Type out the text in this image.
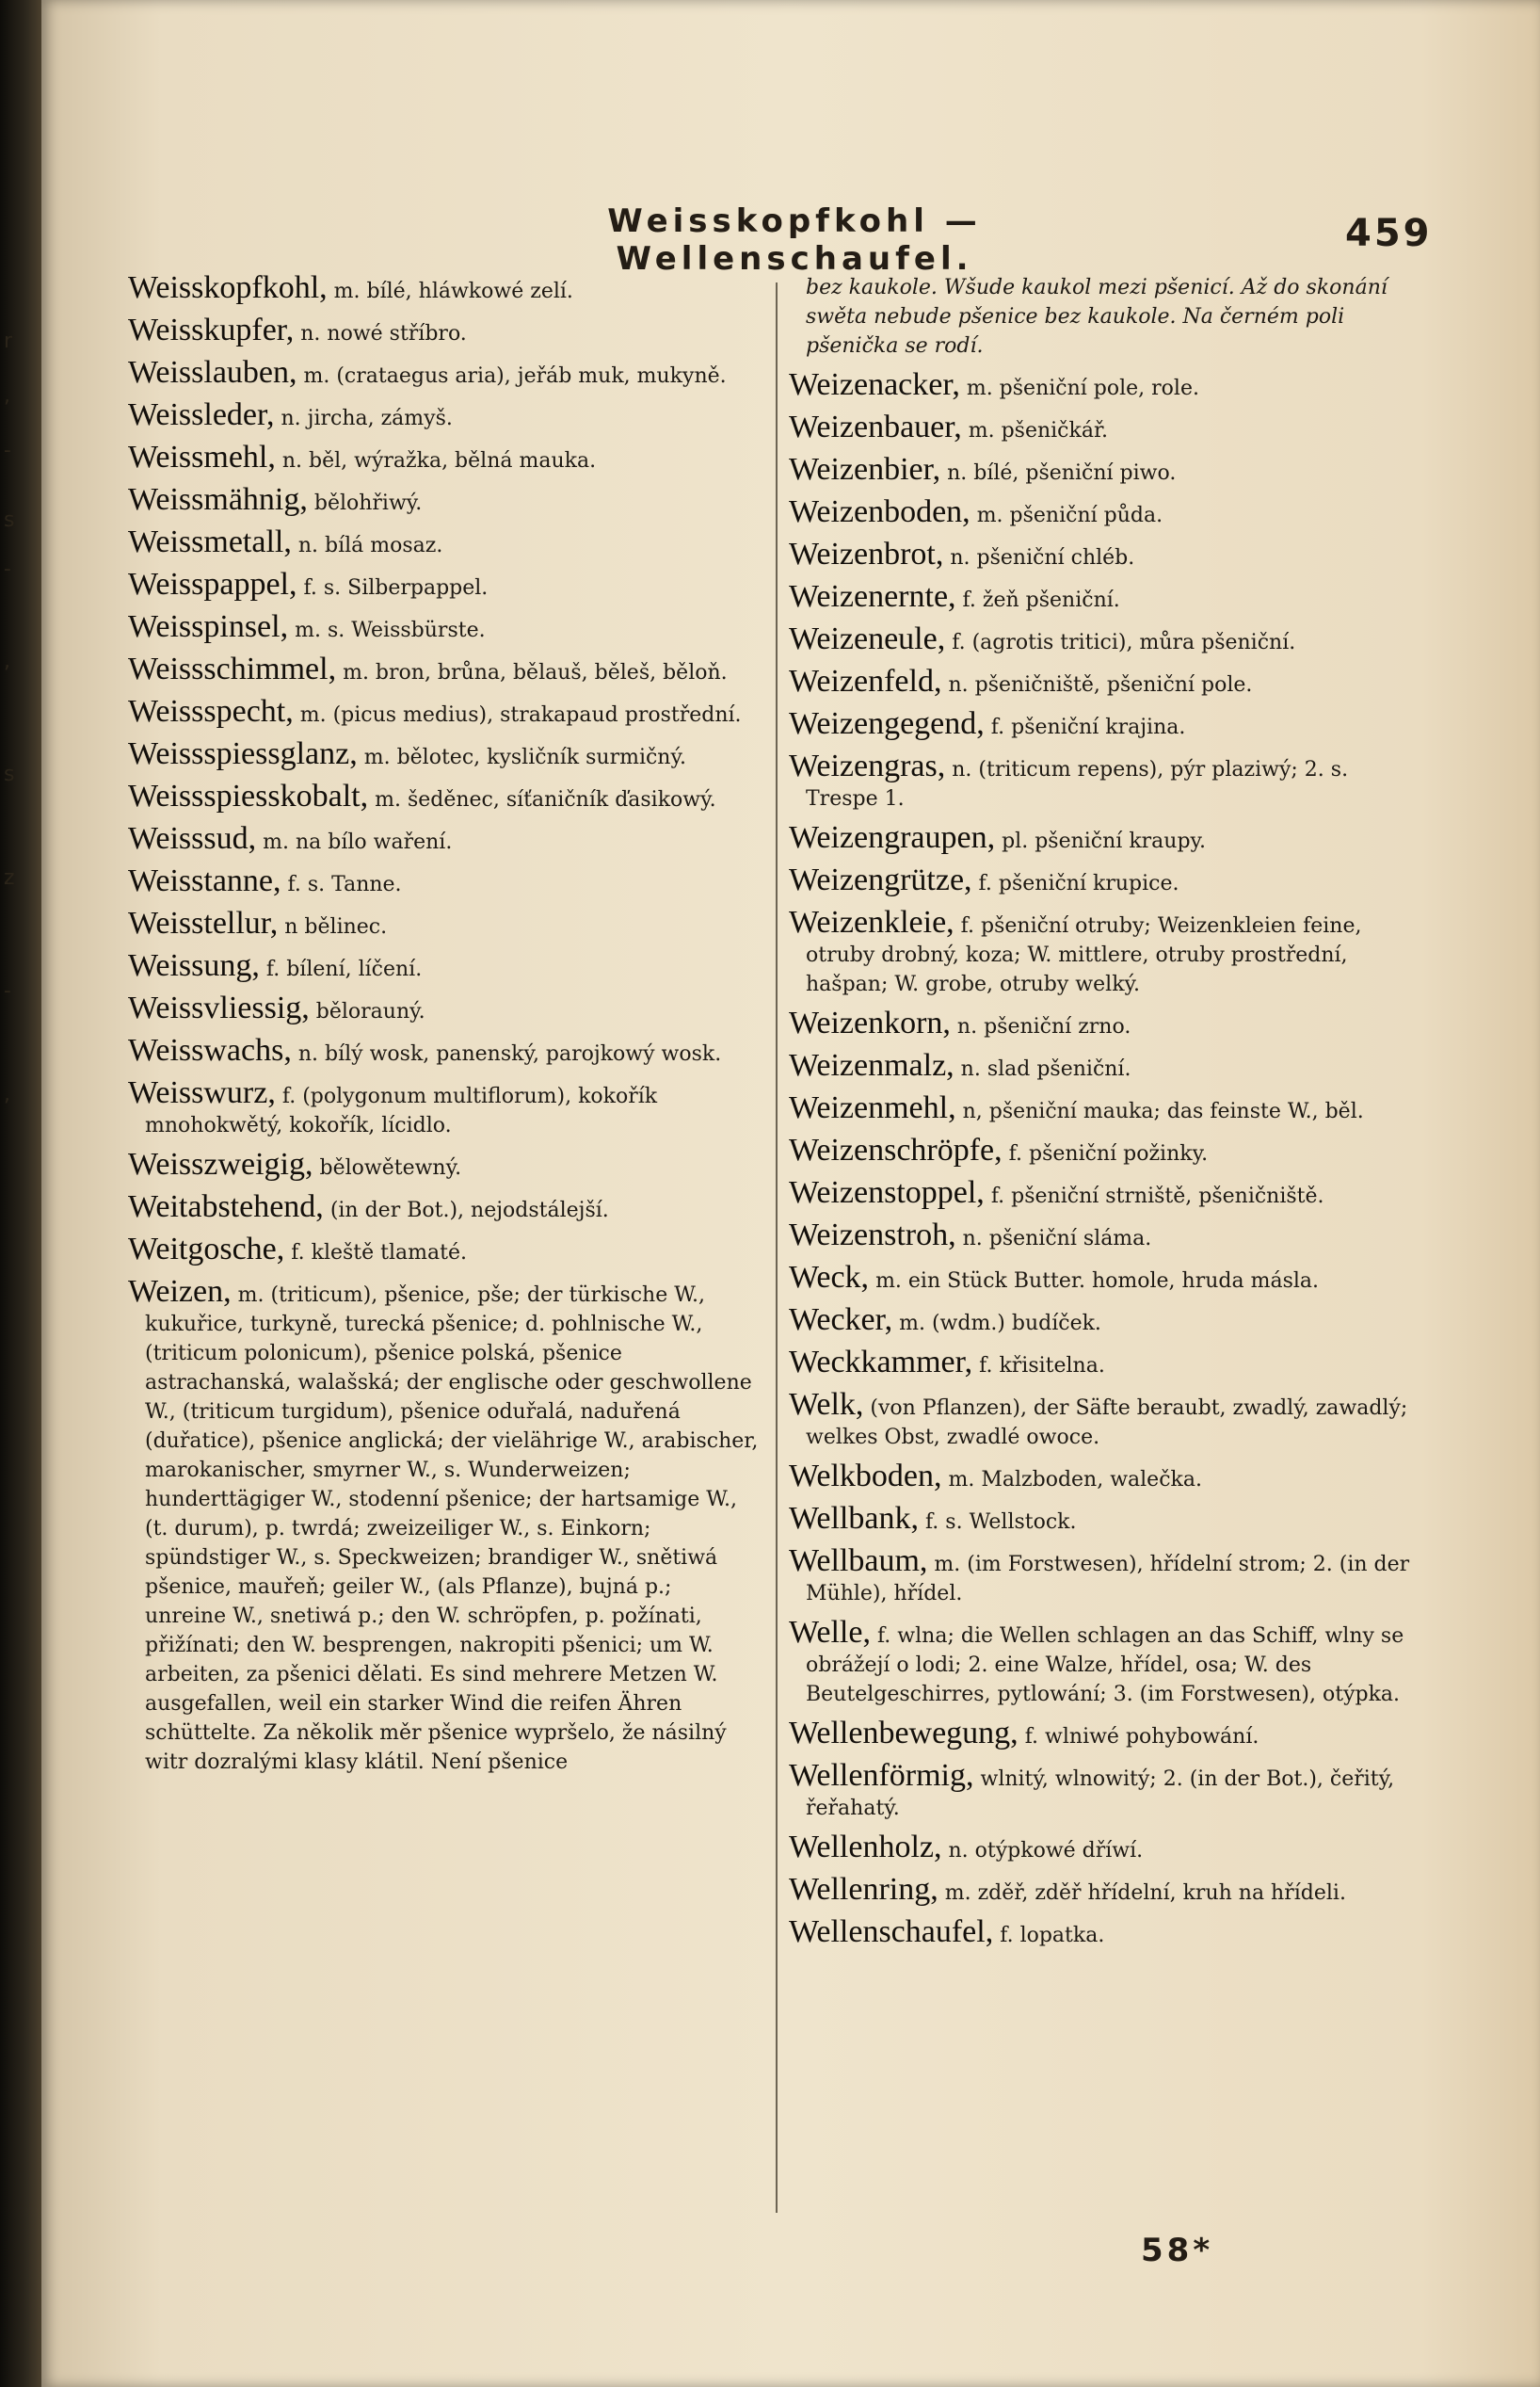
Weisskopfkohl — Wellenschaufel.
459
Weisskopfkohl, m. bílé, hláwkowé zelí.
Weisskupfer, n. nowé stříbro.
Weisslauben, m. (crataegus aria), jeřáb muk, mukyně.
Weissleder, n. jircha, zámyš.
Weissmehl, n. běl, wýražka, bělná mauka.
Weissmähnig, bělohřiwý.
Weissmetall, n. bílá mosaz.
Weisspappel, f. s. Silberpappel.
Weisspinsel, m. s. Weissbürste.
Weissschimmel, m. bron, brůna, bělauš, běleš, běloň.
Weissspecht, m. (picus medius), strakapaud prostřední.
Weissspiessglanz, m. bělotec, kysličník surmičný.
Weissspiesskobalt, m. šeděnec, síťaničník ďasikowý.
Weisssud, m. na bílo waření.
Weisstanne, f. s. Tanne.
Weisstellur, n bělinec.
Weissung, f. bílení, líčení.
Weissvliessig, bělorauný.
Weisswachs, n. bílý wosk, panenský, parojkowý wosk.
Weisswurz, f. (polygonum multiflorum), kokořík mnohokwětý, kokořík, lícidlo.
Weisszweigig, bělowětewný.
Weitabstehend, (in der Bot.), nejodstálejší.
Weitgosche, f. kleště tlamaté.
Weizen, m. (triticum), pšenice, pše; der türkische W., kukuřice, turkyně, turecká pšenice; d. pohlnische W., (triticum polonicum), pšenice polská, pšenice astrachanská, walašská; der englische oder geschwollene W., (triticum turgidum), pšenice oduřalá, naduřená (duřatice), pšenice anglická; der vielährige W., arabischer, marokanischer, smyrner W., s. Wunderweizen; hunderttägiger W., stodenní pšenice; der hartsamige W., (t. durum), p. twrdá; zweizeiliger W., s. Einkorn; spündstiger W., s. Speckweizen; brandiger W., snětiwá pšenice, mauřeň; geiler W., (als Pflanze), bujná p.; unreine W., snetiwá p.; den W. schröpfen, p. požínati, přižínati; den W. besprengen, nakropiti pšenici; um W. arbeiten, za pšenici dělati. Es sind mehrere Metzen W. ausgefallen, weil ein starker Wind die reifen Ähren schüttelte. Za několik měr pšenice wypršelo, že násilný witr dozralými klasy klátil. Není pšenice
bez kaukole. Wšude kaukol mezi pšenicí. Až do skonání swěta nebude pšenice bez kaukole. Na černém poli pšenička se rodí.
Weizenacker, m. pšeniční pole, role.
Weizenbauer, m. pšeničkář.
Weizenbier, n. bílé, pšeniční piwo.
Weizenboden, m. pšeniční půda.
Weizenbrot, n. pšeniční chléb.
Weizenernte, f. žeň pšeniční.
Weizeneule, f. (agrotis tritici), můra pšeniční.
Weizenfeld, n. pšeničniště, pšeniční pole.
Weizengegend, f. pšeniční krajina.
Weizengras, n. (triticum repens), pýr plaziwý; 2. s. Trespe 1.
Weizengraupen, pl. pšeniční kraupy.
Weizengrütze, f. pšeniční krupice.
Weizenkleie, f. pšeniční otruby; Weizenkleien feine, otruby drobný, koza; W. mittlere, otruby prostřední, hašpan; W. grobe, otruby welký.
Weizenkorn, n. pšeniční zrno.
Weizenmalz, n. slad pšeniční.
Weizenmehl, n, pšeniční mauka; das feinste W., běl.
Weizenschröpfe, f. pšeniční požinky.
Weizenstoppel, f. pšeniční strniště, pšeničniště.
Weizenstroh, n. pšeniční sláma.
Weck, m. ein Stück Butter. homole, hruda másla.
Wecker, m. (wdm.) budíček.
Weckkammer, f. křisitelna.
Welk, (von Pflanzen), der Säfte beraubt, zwadlý, zawadlý; welkes Obst, zwadlé owoce.
Welkboden, m. Malzboden, walečka.
Wellbank, f. s. Wellstock.
Wellbaum, m. (im Forstwesen), hřídelní strom; 2. (in der Mühle), hřídel.
Welle, f. wlna; die Wellen schlagen an das Schiff, wlny se obrážejí o lodi; 2. eine Walze, hřídel, osa; W. des Beutelgeschirres, pytlowání; 3. (im Forstwesen), otýpka.
Wellenbewegung, f. wlniwé pohybowání.
Wellenförmig, wlnitý, wlnowitý; 2. (in der Bot.), čeřitý, řeřahatý.
Wellenholz, n. otýpkowé dříwí.
Wellenring, m. zděř, zděř hřídelní, kruh na hřídeli.
Wellenschaufel, f. lopatka.
58*
r
,
-
s
-
,
s
z
-
,
